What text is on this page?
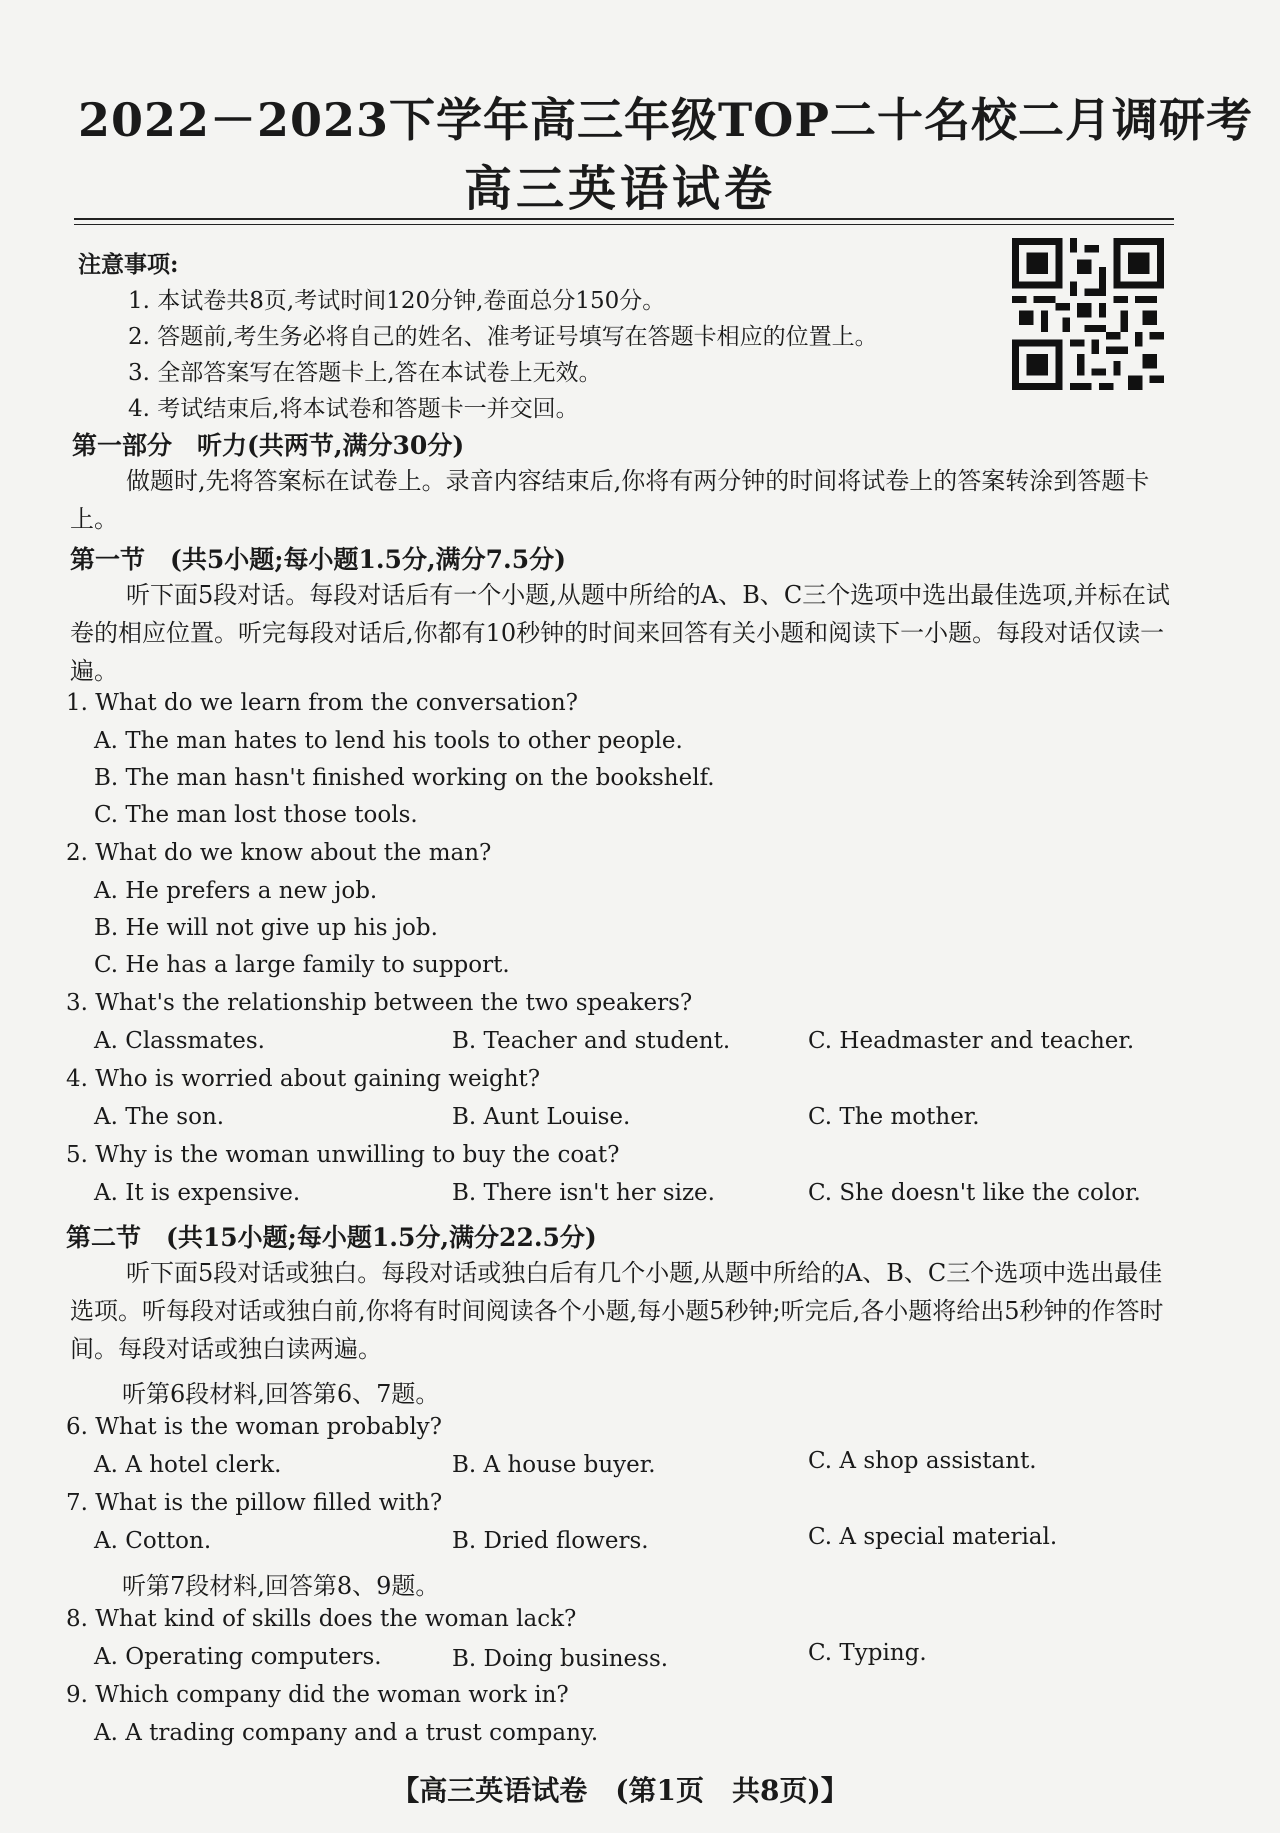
2022－2023下学年高三年级TOP二十名校二月调研考
高三英语试卷
注意事项:
1. 本试卷共8页,考试时间120分钟,卷面总分150分。
2. 答题前,考生务必将自己的姓名、准考证号填写在答题卡相应的位置上。
3. 全部答案写在答题卡上,答在本试卷上无效。
4. 考试结束后,将本试卷和答题卡一并交回。
第一部分　听力(共两节,满分30分)
做题时,先将答案标在试卷上。录音内容结束后,你将有两分钟的时间将试卷上的答案转涂到答题卡上。
第一节　(共5小题;每小题1.5分,满分7.5分)
听下面5段对话。每段对话后有一个小题,从题中所给的A、B、C三个选项中选出最佳选项,并标在试卷的相应位置。听完每段对话后,你都有10秒钟的时间来回答有关小题和阅读下一小题。每段对话仅读一遍。
1. What do we learn from the conversation?
A. The man hates to lend his tools to other people.
B. The man hasn't finished working on the bookshelf.
C. The man lost those tools.
2. What do we know about the man?
A. He prefers a new job.
B. He will not give up his job.
C. He has a large family to support.
3. What's the relationship between the two speakers?
A. Classmates.	B. Teacher and student.	C. Headmaster and teacher.
4. Who is worried about gaining weight?
A. The son.	B. Aunt Louise.	C. The mother.
5. Why is the woman unwilling to buy the coat?
A. It is expensive.	B. There isn't her size.	C. She doesn't like the color.
第二节　(共15小题;每小题1.5分,满分22.5分)
听下面5段对话或独白。每段对话或独白后有几个小题,从题中所给的A、B、C三个选项中选出最佳选项。听每段对话或独白前,你将有时间阅读各个小题,每小题5秒钟;听完后,各小题将给出5秒钟的作答时间。每段对话或独白读两遍。
听第6段材料,回答第6、7题。
6. What is the woman probably?
A. A hotel clerk.	B. A house buyer.	C. A shop assistant.
7. What is the pillow filled with?
A. Cotton.	B. Dried flowers.	C. A special material.
听第7段材料,回答第8、9题。
8. What kind of skills does the woman lack?
A. Operating computers.	B. Doing business.	C. Typing.
9. Which company did the woman work in?
A. A trading company and a trust company.
【高三英语试卷　(第1页　共8页)】
